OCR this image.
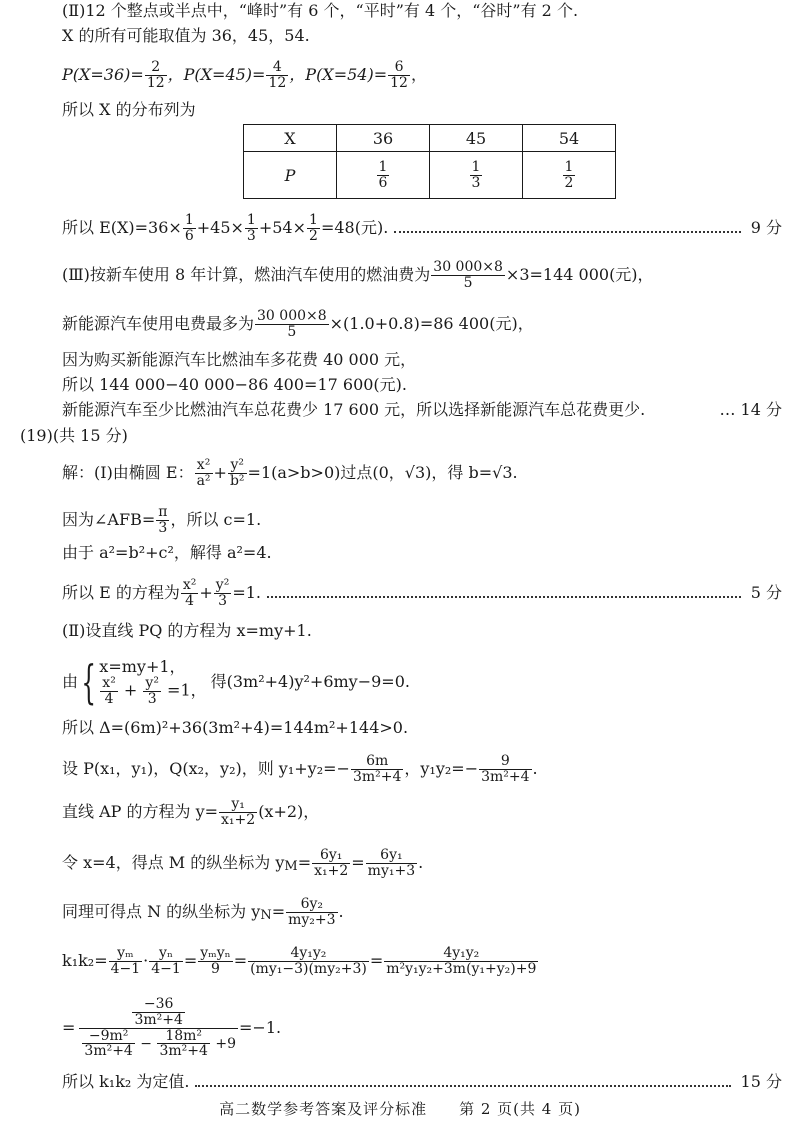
(Ⅱ)12 个整点或半点中，“峰时”有 6 个，“平时”有 4 个，“谷时”有 2 个.
X 的所有可能取值为 36，45，54.
$P(X=36)= \frac{2}{12}$ ，$P(X=45)= \frac{4}{12}$ ，$P(X=54)= \frac{6}{12}$ ，
所以 X 的分布列为
X	36	45	54
P	$\frac{1}{6}$	$\frac{1}{3}$	$\frac{1}{2}$
所以 $E(X)=36\times \frac{1}{6} +45\times \frac{1}{3} +54\times \frac{1}{2} =48$(元).	9 分
(Ⅲ)按新车使用 8 年计算，燃油汽车使用的燃油费为 $\frac{30 000\times 8}{5} \times 3=144$ 000(元)，
新能源汽车使用电费最多为 $\frac{30 000\times 8}{5} \times(1.0+0.8)=86$ 400(元)，
因为购买新能源汽车比燃油车多花费 40 000 元，
所以 144 000−40 000−86 400=17 600(元).
新能源汽车至少比燃油汽车总花费少 17 600 元，所以选择新能源汽车总花费更少.	… 14 分
(19)(共 15 分)
解：(Ⅰ)由椭圆 E： $\frac{\text{x²}}{\text{a²}} + \frac{\text{y²}}{\text{b²}} =1(a>b>0)$过点(0，√3)，得 b=√3.
因为∠AFB= $\frac{\pi}{3}$ ，所以 c=1.
由于 a²=b²+c²，解得 a²=4.
所以 E 的方程为 $\frac{\text{x²}}{4} + \frac{\text{y²}}{3} =1$.	5 分
(Ⅱ)设直线 PQ 的方程为 x=my+1.
由 { x=my+1，
$\frac{\text{x²}}{4} + \frac{\text{y²}}{3} =1$， 得(3m²+4)y²+6my−9=0.
所以 Δ=(6m)²+36(3m²+4)=144m²+144>0.
设 P(x₁，y₁)，Q(x₂，y₂)，则 $y_1+y_2=- \frac{6m}{\text{3m²+4}}$ ，$y_1y_2=- \frac{9}{\text{3m²+4}}$ .
直线 AP 的方程为 $y= \frac{\text{y₁}}{\text{x₁+2}} (x+2)$，
令 x=4，得点 M 的纵坐标为 y $M = \frac{\text{6y₁}}{\text{x₁+2}} = \frac{\text{6y₁}}{\text{my₁+3}}$ .
同理可得点 N 的纵坐标为 y $N = \frac{\text{6y₂}}{\text{my₂+3}}$ .
$k_1k_2= \frac{\text{yₘ}}{4-1} \cdot \frac{\text{yₙ}}{4-1} = \frac{\text{yₘyₙ}}{9} = \frac{\text{4y₁y₂}}{\text{(my₁−3)(my₂+3)}} = \frac{\text{4y₁y₂}}{\text{m²y₁y₂+3m(y₁+y₂)+9}}$
= $\frac{\frac{-36}{\text{3m²+4}}}{\frac{\text{−9m²}}{\text{3m²+4}} - \frac{\text{18m²}}{\text{3m²+4}} +9} =-1$.
所以 k₁k₂ 为定值.	15 分
高二数学参考答案及评分标准　　第 2 页(共 4 页)
